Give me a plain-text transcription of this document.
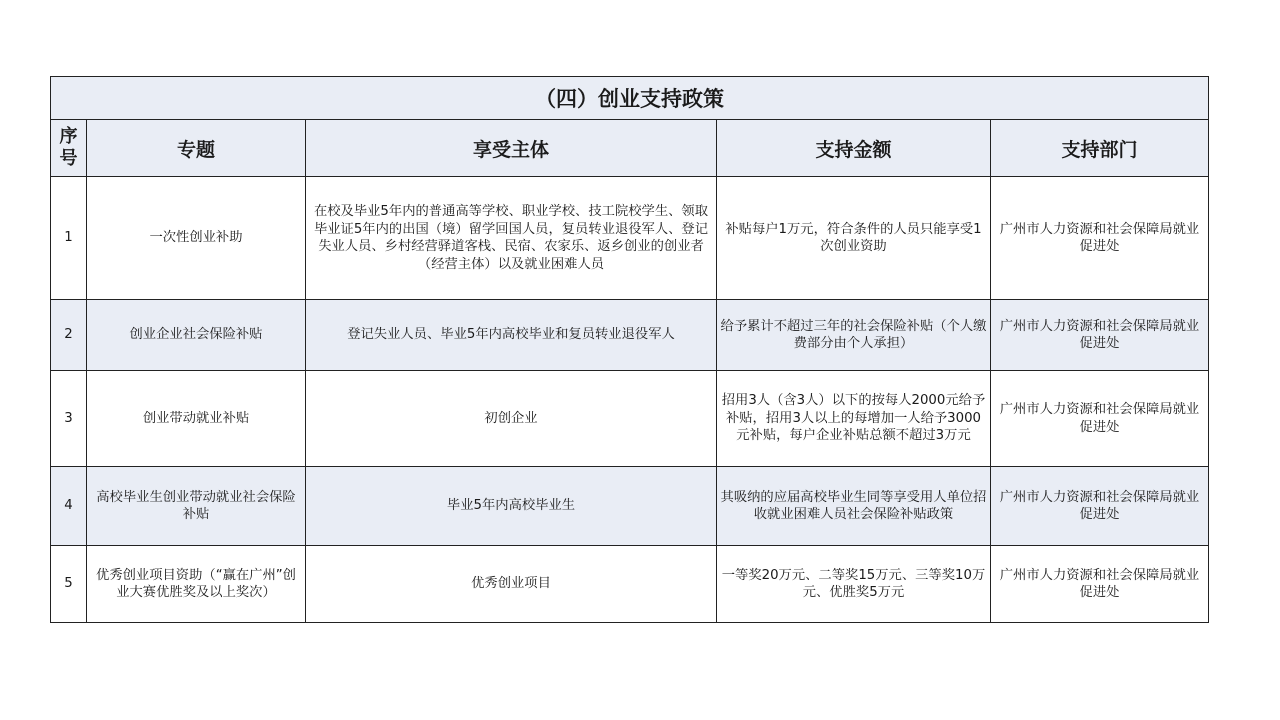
（四）创业支持政策				
序号	专题	享受主体	支持金额	支持部门
1	一次性创业补助	在校及毕业5年内的普通高等学校、职业学校、技工院校学生、领取毕业证5年内的出国（境）留学回国人员，复员转业退役军人、登记失业人员、乡村经营驿道客栈、民宿、农家乐、返乡创业的创业者（经营主体）以及就业困难人员	补贴每户1万元，符合条件的人员只能享受1次创业资助	广州市人力资源和社会保障局就业促进处
2	创业企业社会保险补贴	登记失业人员、毕业5年内高校毕业和复员转业退役军人	给予累计不超过三年的社会保险补贴（个人缴费部分由个人承担）	广州市人力资源和社会保障局就业促进处
3	创业带动就业补贴	初创企业	招用3人（含3人）以下的按每人2000元给予补贴，招用3人以上的每增加一人给予3000元补贴，每户企业补贴总额不超过3万元	广州市人力资源和社会保障局就业促进处
4	高校毕业生创业带动就业社会保险补贴	毕业5年内高校毕业生	其吸纳的应届高校毕业生同等享受用人单位招收就业困难人员社会保险补贴政策	广州市人力资源和社会保障局就业促进处
5	优秀创业项目资助（“赢在广州”创业大赛优胜奖及以上奖次）	优秀创业项目	一等奖20万元、二等奖15万元、三等奖10万元、优胜奖5万元	广州市人力资源和社会保障局就业促进处
